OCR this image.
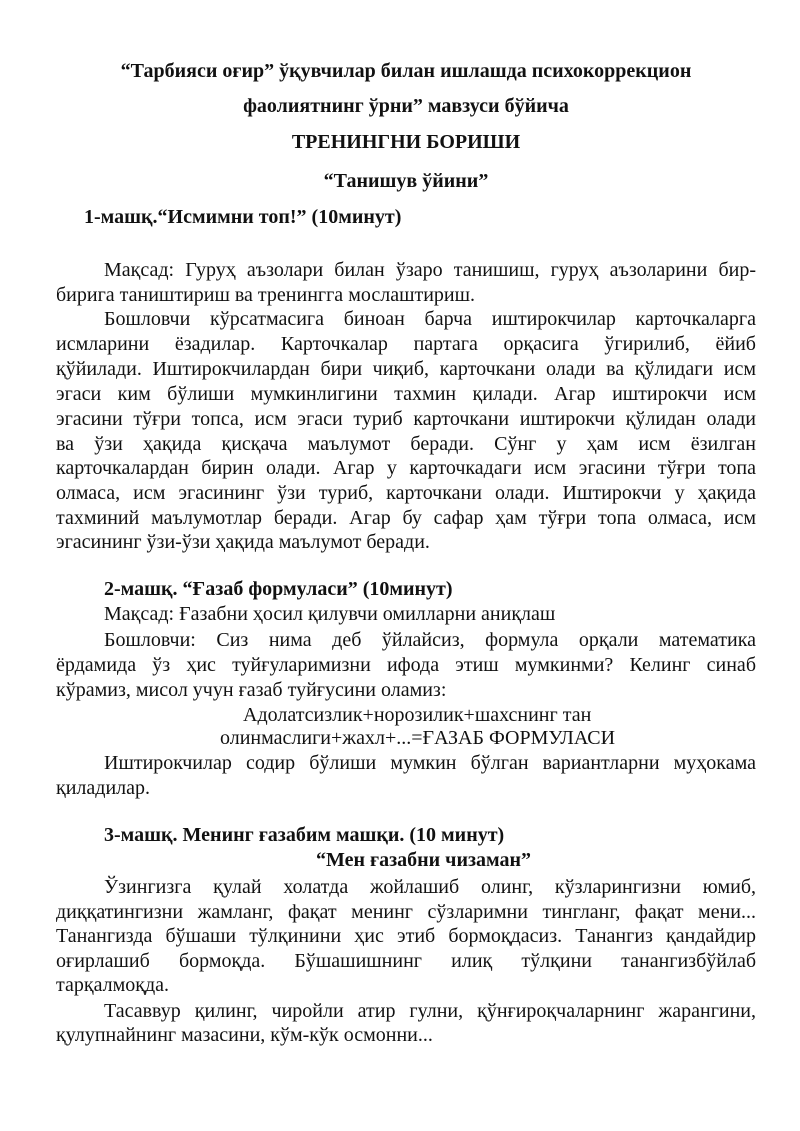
“Тарбияси оғир” ўқувчилар билан ишлашда психокоррекцион
фаолиятнинг ўрни” мавзуси бўйича
ТРЕНИНГНИ БОРИШИ
“Танишув ўйини”
1-машқ.“Исмимни топ!” (10минут)
Мақсад: Гуруҳ аъзолари билан ўзаро танишиш, гуруҳ аъзоларини бир-
бирига таништириш ва тренингга мослаштириш.
Бошловчи кўрсатмасига биноан барча иштирокчилар карточкаларга
исмларини ёзадилар. Карточкалар партага орқасига ўгирилиб, ёйиб
қўйилади. Иштирокчилардан бири чиқиб, карточкани олади ва қўлидаги исм
эгаси ким бўлиши мумкинлигини тахмин қилади. Агар иштирокчи исм
эгасини тўғри топса, исм эгаси туриб карточкани иштирокчи қўлидан олади
ва ўзи ҳақида қисқача маълумот беради. Сўнг у ҳам исм ёзилган
карточкалардан бирин олади. Агар у карточкадаги исм эгасини тўғри топа
олмаса, исм эгасининг ўзи туриб, карточкани олади. Иштирокчи у ҳақида
тахминий маълумотлар беради. Агар бу сафар ҳам тўғри топа олмаса, исм
эгасининг ўзи-ўзи ҳақида маълумот беради.
2-машқ. “Ғазаб формуласи” (10минут)
Мақсад: Ғазабни ҳосил қилувчи омилларни аниқлаш
Бошловчи: Сиз нима деб ўйлайсиз, формула орқали математика
ёрдамида ўз ҳис туйғуларимизни ифода этиш мумкинми? Келинг синаб
кўрамиз, мисол учун ғазаб туйғусини оламиз:
Адолатсизлик+норозилик+шахснинг тан
олинмаслиги+жахл+...=ҒАЗАБ ФОРМУЛАСИ
Иштирокчилар содир бўлиши мумкин бўлган вариантларни муҳокама
қиладилар.
3-машқ. Менинг ғазабим машқи. (10 минут)
“Мен ғазабни чизаман”
Ўзингизга қулай холатда жойлашиб олинг, кўзларингизни юмиб,
диққатингизни жамланг, фақат менинг сўзларимни тингланг, фақат мени...
Танангизда бўшаши тўлқинини ҳис этиб бормоқдасиз. Танангиз қандайдир
оғирлашиб бормоқда. Бўшашишнинг илиқ тўлқини танангизбўйлаб
тарқалмоқда.
Тасаввур қилинг, чиройли атир гулни, қўнғироқчаларнинг жарангини,
қулупнайнинг мазасини, кўм-кўк осмонни...
